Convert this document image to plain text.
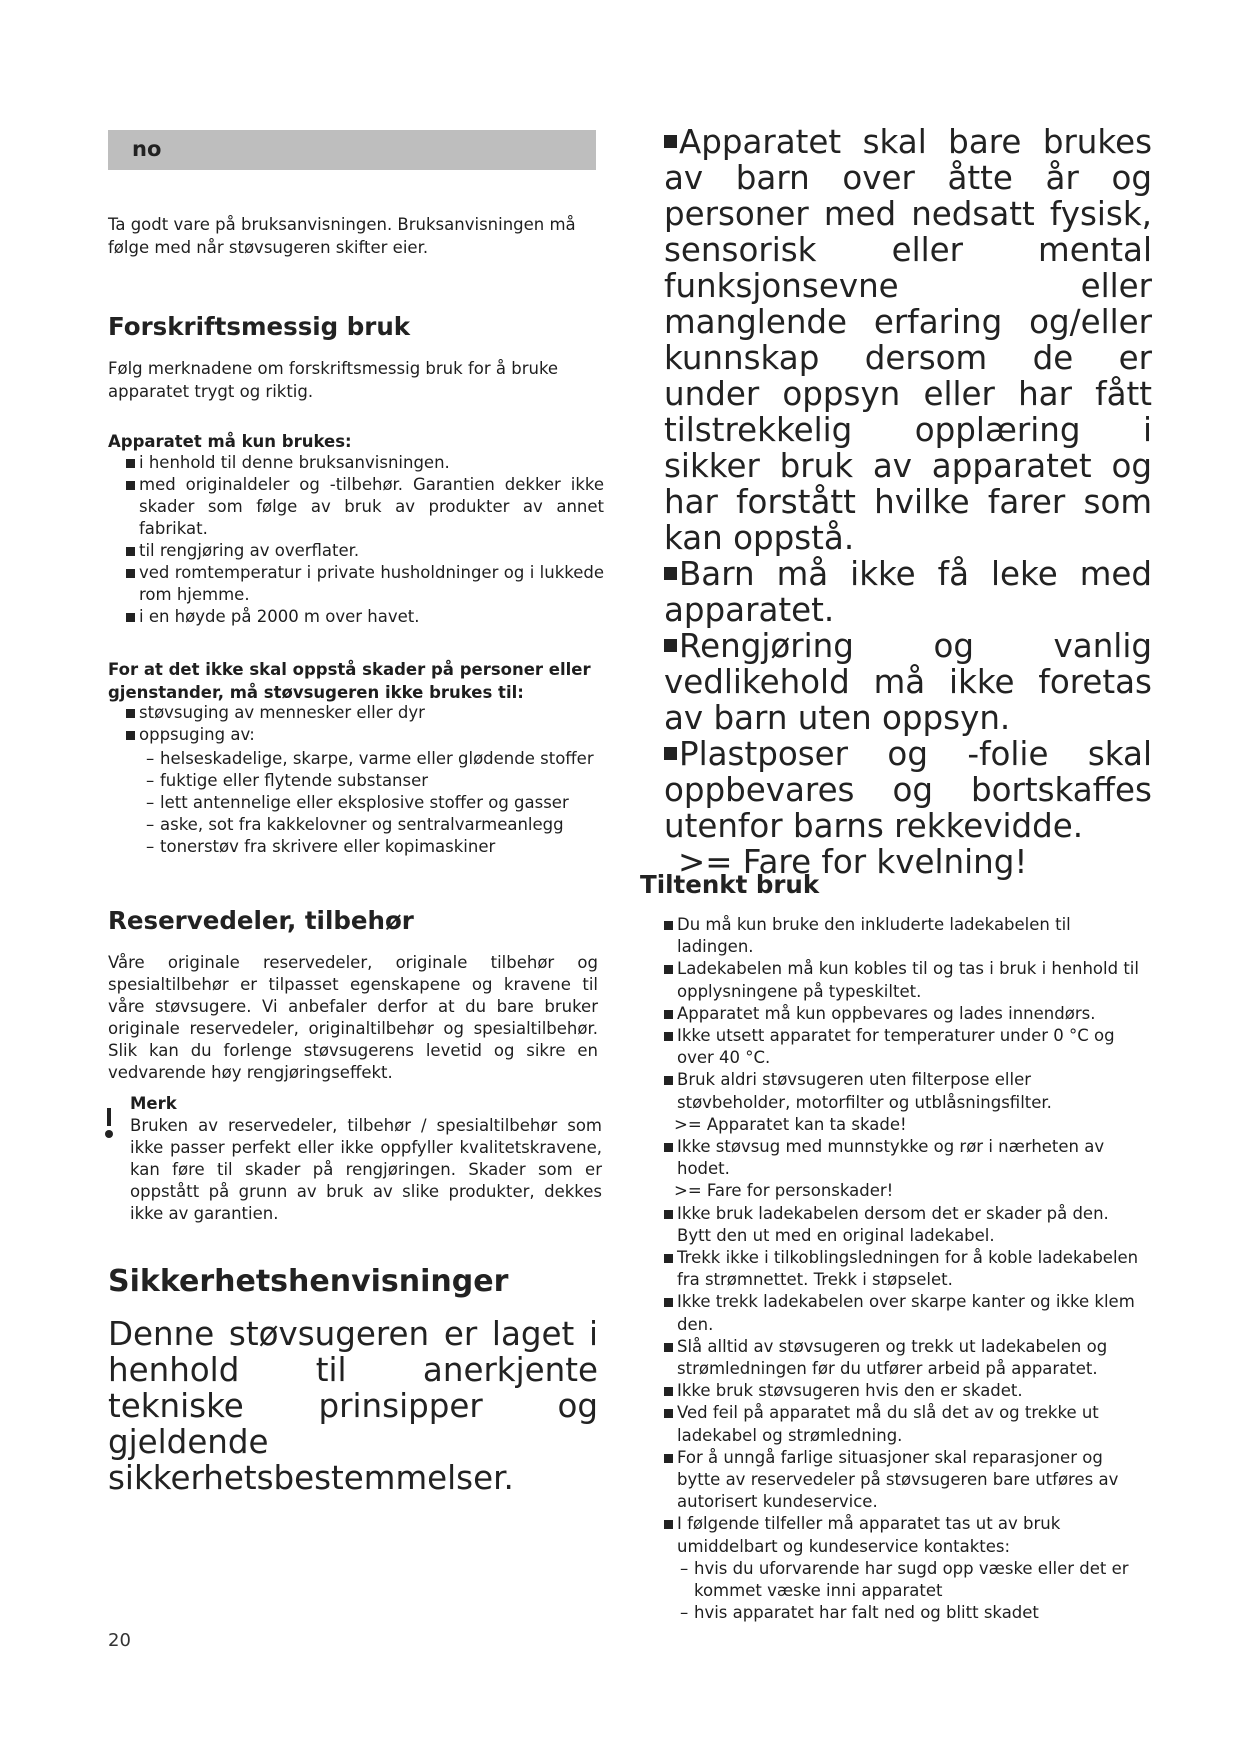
no
Ta godt vare på bruksanvisningen. Bruksanvisningen må følge med når støvsugeren skifter eier.
Forskriftsmessig bruk
Følg merknadene om forskriftsmessig bruk for å bruke apparatet trygt og riktig.
Apparatet må kun brukes:
i henhold til denne bruksanvisningen.
med originaldeler og -tilbehør. Garantien dekker ikke skader som følge av bruk av produkter av annet fabrikat.
til rengjøring av overflater.
ved romtemperatur i private husholdninger og i lukkede rom hjemme.
i en høyde på 2000 m over havet.
For at det ikke skal oppstå skader på personer eller gjenstander, må støvsugeren ikke brukes til:
støvsuging av mennesker eller dyr
oppsuging av:
– helseskadelige, skarpe, varme eller glødende stoffer
– fuktige eller flytende substanser
– lett antennelige eller eksplosive stoffer og gasser
– aske, sot fra kakkelovner og sentralvarmeanlegg
– tonerstøv fra skrivere eller kopimaskiner
Reservedeler, tilbehør
Våre originale reservedeler, originale tilbehør og spesialtilbehør er tilpasset egenskapene og kravene til våre støvsugere. Vi anbefaler derfor at du bare bruker originale reservedeler, originaltilbehør og spesialtilbehør. Slik kan du forlenge støvsugerens levetid og sikre en vedvarende høy rengjøringseffekt.
Merk
Bruken av reservedeler, tilbehør / spesialtilbehør som ikke passer perfekt eller ikke oppfyller kvalitetskravene, kan føre til skader på rengjøringen. Skader som er oppstått på grunn av bruk av slike produkter, dekkes ikke av garantien.
Sikkerhetshenvisninger
Denne støvsugeren er laget i henhold til anerkjente tekniske prinsipper og gjeldende sikkerhetsbestemmelser.
Apparatet skal bare brukes av barn over åtte år og personer med nedsatt fysisk, sensorisk eller mental funksjonsevne eller manglende erfaring og/eller kunnskap dersom de er under oppsyn eller har fått tilstrekkelig opplæring i sikker bruk av apparatet og har forstått hvilke farer som kan oppstå.
Barn må ikke få leke med apparatet.
Rengjøring og vanlig vedlikehold må ikke foretas av barn uten oppsyn.
Plastposer og -folie skal oppbevares og bortskaffes utenfor barns rekkevidde.
>= Fare for kvelning!
Tiltenkt bruk
Du må kun bruke den inkluderte ladekabelen til ladingen.
Ladekabelen må kun kobles til og tas i bruk i henhold til opplysningene på typeskiltet.
Apparatet må kun oppbevares og lades innendørs.
Ikke utsett apparatet for temperaturer under 0 °C og over 40 °C.
Bruk aldri støvsugeren uten filterpose eller støvbeholder, motorfilter og utblåsningsfilter.
>= Apparatet kan ta skade!
Ikke støvsug med munnstykke og rør i nærheten av hodet.
>= Fare for personskader!
Ikke bruk ladekabelen dersom det er skader på den. Bytt den ut med en original ladekabel.
Trekk ikke i tilkoblingsledningen for å koble ladekabelen fra strømnettet. Trekk i støpselet.
Ikke trekk ladekabelen over skarpe kanter og ikke klem den.
Slå alltid av støvsugeren og trekk ut ladekabelen og strømledningen før du utfører arbeid på apparatet.
Ikke bruk støvsugeren hvis den er skadet.
Ved feil på apparatet må du slå det av og trekke ut ladekabel og strømledning.
For å unngå farlige situasjoner skal reparasjoner og bytte av reservedeler på støvsugeren bare utføres av autorisert kundeservice.
I følgende tilfeller må apparatet tas ut av bruk umiddelbart og kundeservice kontaktes:
– hvis du uforvarende har sugd opp væske eller det er kommet væske inni apparatet
– hvis apparatet har falt ned og blitt skadet
20
